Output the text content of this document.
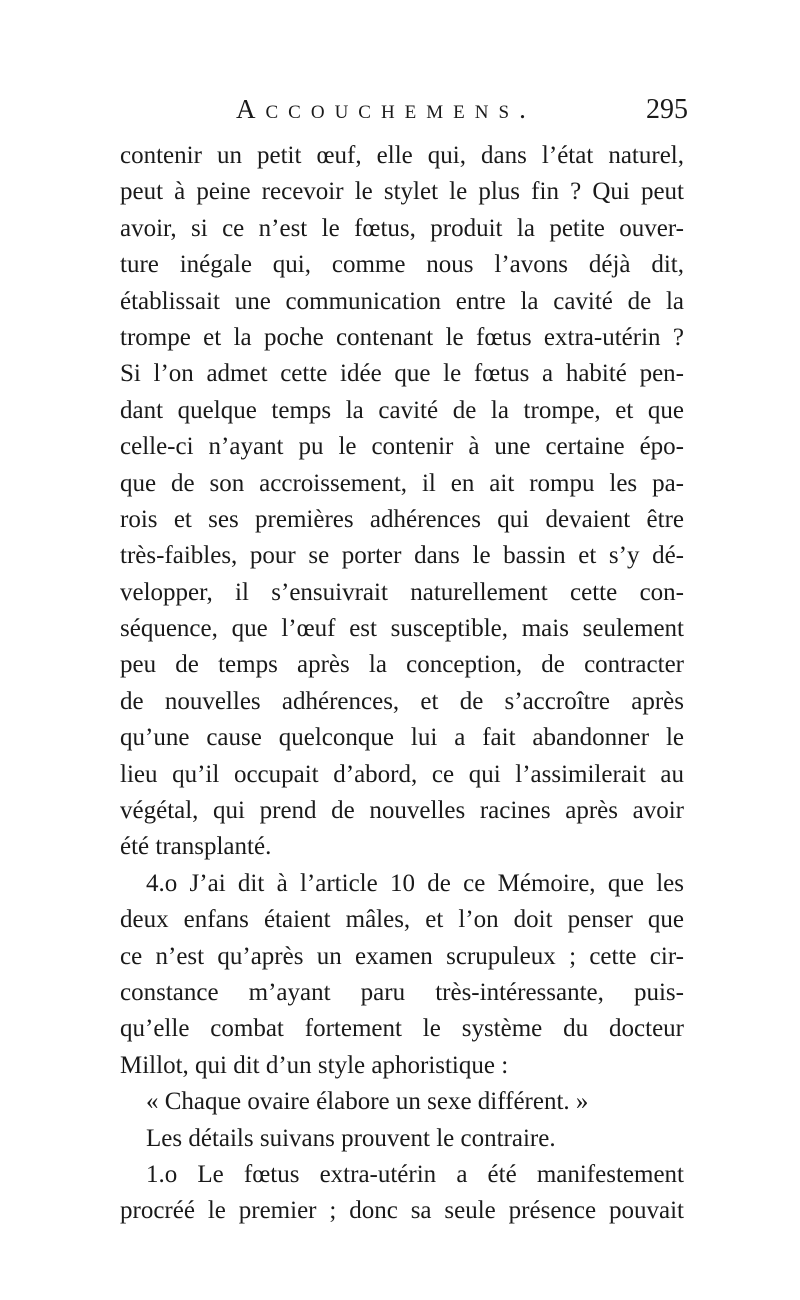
Accouchemens.	295
contenir un petit œuf, elle qui, dans l’état naturel,
peut à peine recevoir le stylet le plus fin ? Qui peut
avoir, si ce n’est le fœtus, produit la petite ouver-
ture inégale qui, comme nous l’avons déjà dit,
établissait une communication entre la cavité de la
trompe et la poche contenant le fœtus extra-utérin ?
Si l’on admet cette idée que le fœtus a habité pen-
dant quelque temps la cavité de la trompe, et que
celle-ci n’ayant pu le contenir à une certaine épo-
que de son accroissement, il en ait rompu les pa-
rois et ses premières adhérences qui devaient être
très-faibles, pour se porter dans le bassin et s’y dé-
velopper, il s’ensuivrait naturellement cette con-
séquence, que l’œuf est susceptible, mais seulement
peu de temps après la conception, de contracter
de nouvelles adhérences, et de s’accroître après
qu’une cause quelconque lui a fait abandonner le
lieu qu’il occupait d’abord, ce qui l’assimilerait au
végétal, qui prend de nouvelles racines après avoir
été transplanté.
4.o J’ai dit à l’article 10 de ce Mémoire, que les
deux enfans étaient mâles, et l’on doit penser que
ce n’est qu’après un examen scrupuleux ; cette cir-
constance m’ayant paru très-intéressante, puis-
qu’elle combat fortement le système du docteur
Millot, qui dit d’un style aphoristique :
« Chaque ovaire élabore un sexe différent. »
Les détails suivans prouvent le contraire.
1.o Le fœtus extra-utérin a été manifestement
procréé le premier ; donc sa seule présence pouvait
